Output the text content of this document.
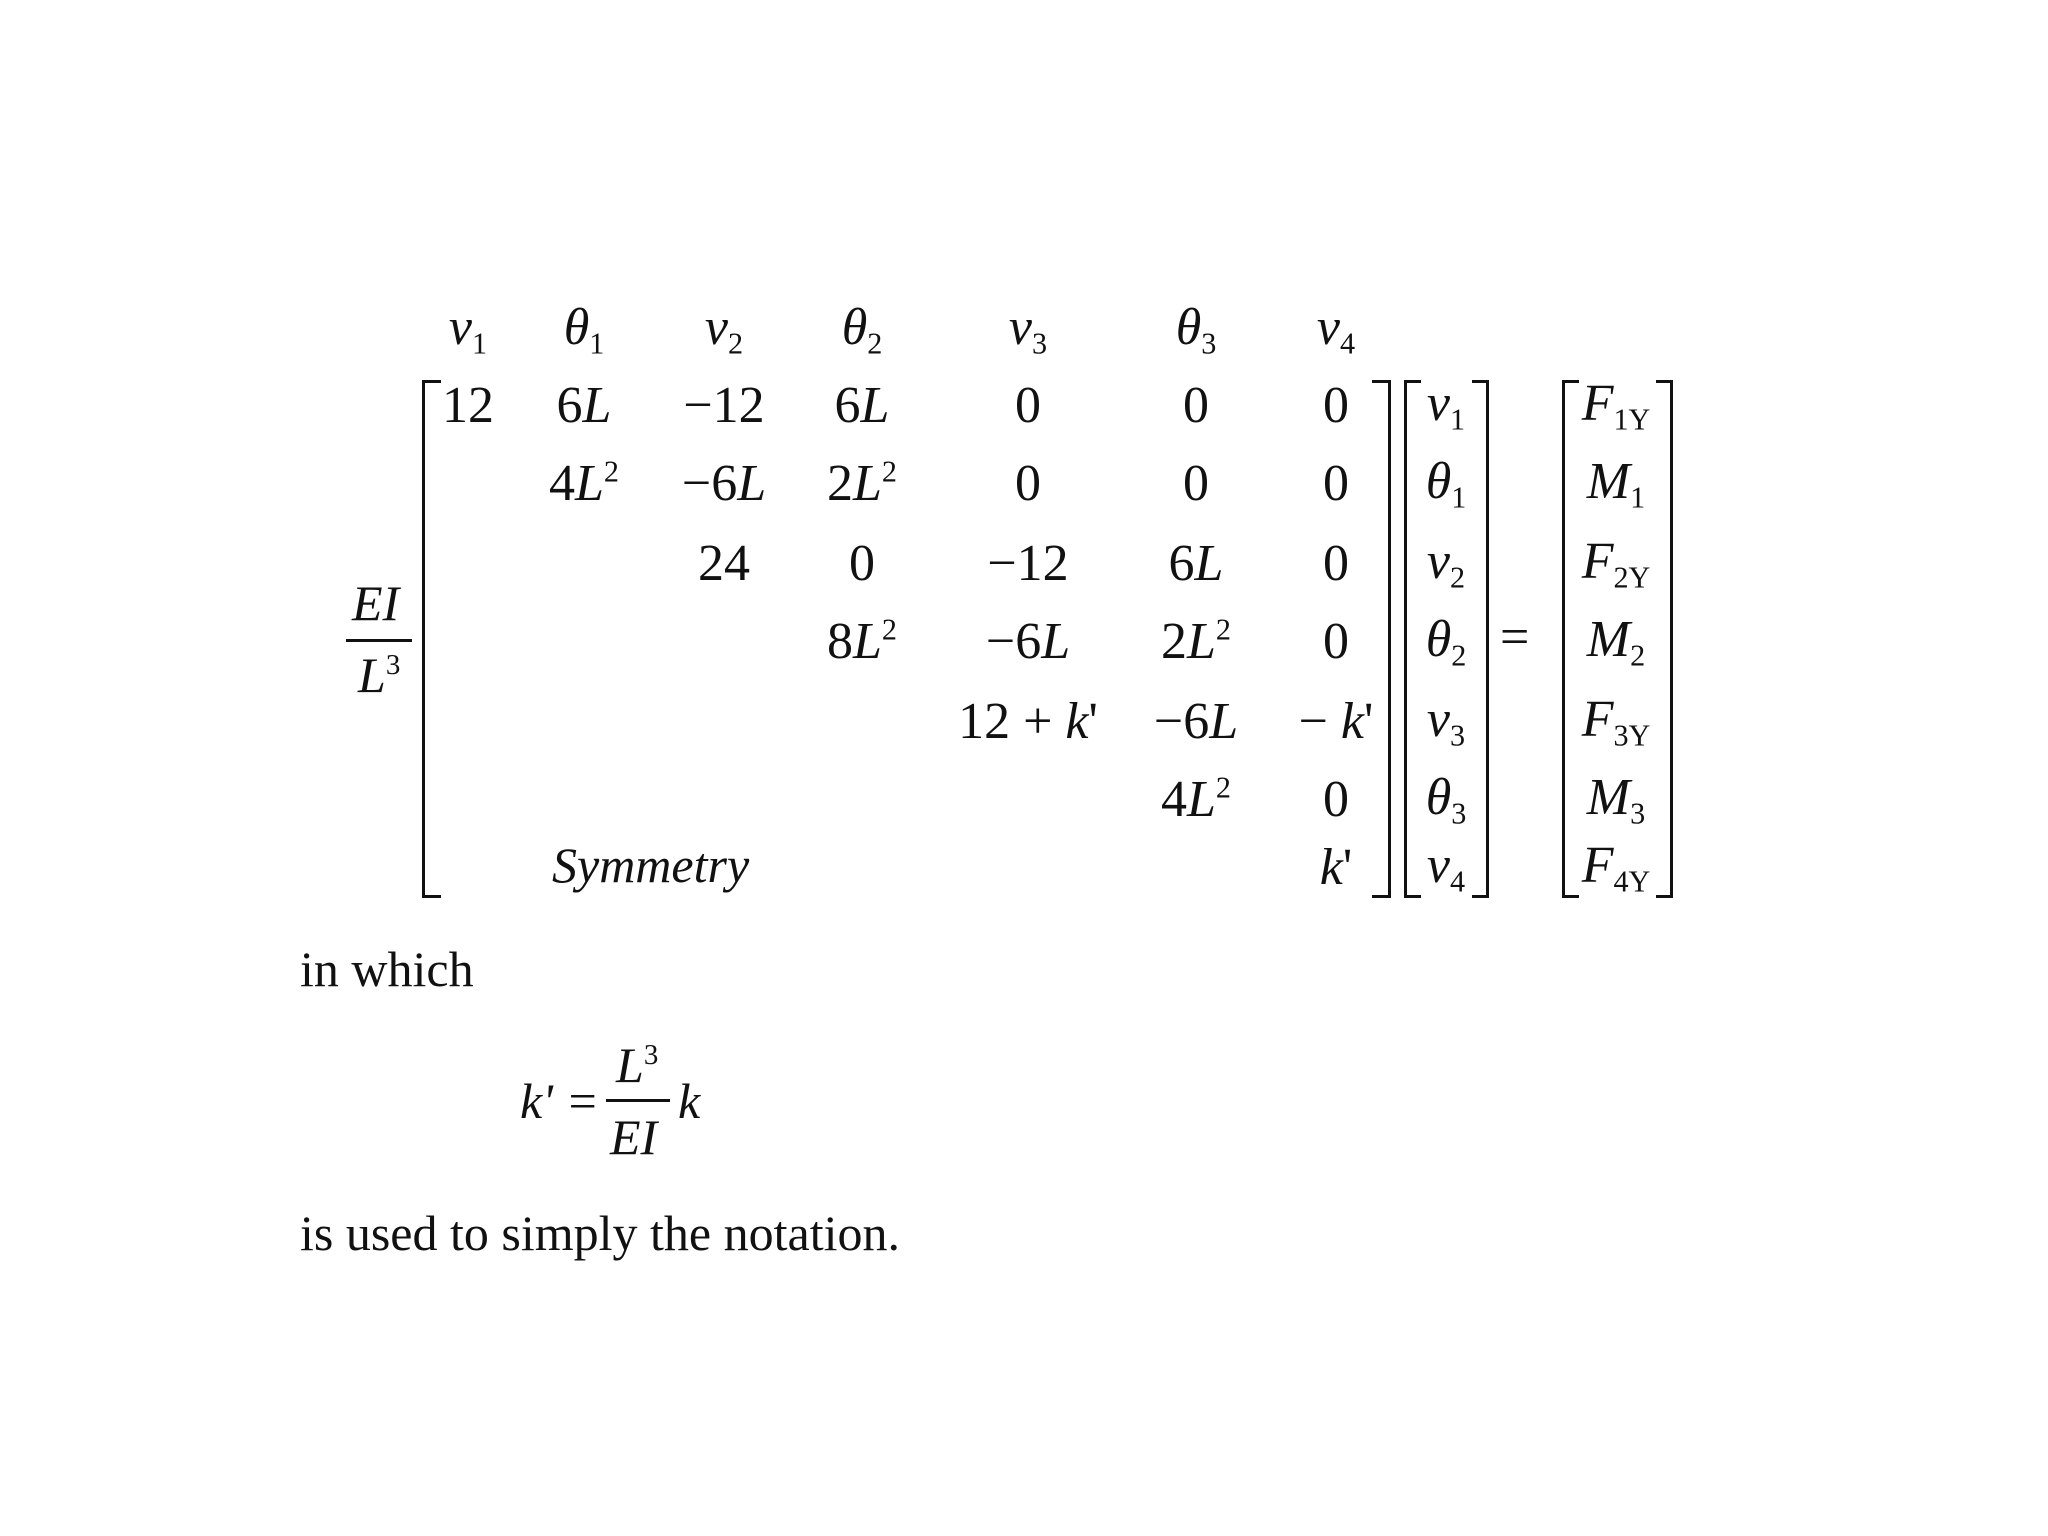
$v_1$ $\theta_1$ $v_2$ $\theta_2$ $v_3$ $\theta_3$ $v_4$
EI
$L^3$
12 6L −12 6L 0	0 0
$4L^2 -6L$ $2L^2$ 0	0 0
24 0 −12 6L 0
$8L^2 -6L$ $2L^2$ 0
12 + k' −6L − k'
$4L^2$ 0
k'
Symmetry
$v_1$
$\theta_1$
$v_2$
$\theta_2$
$v_3$
$\theta_3$
$v_4$
=
$F_{1Y}$
$M_1$
$F_{2Y}$
$M_2$
$F_{3Y}$
$M_3$
$F_{4Y}$
in which
k' =
$L^3$
EI
k
is used to simply the notation.
